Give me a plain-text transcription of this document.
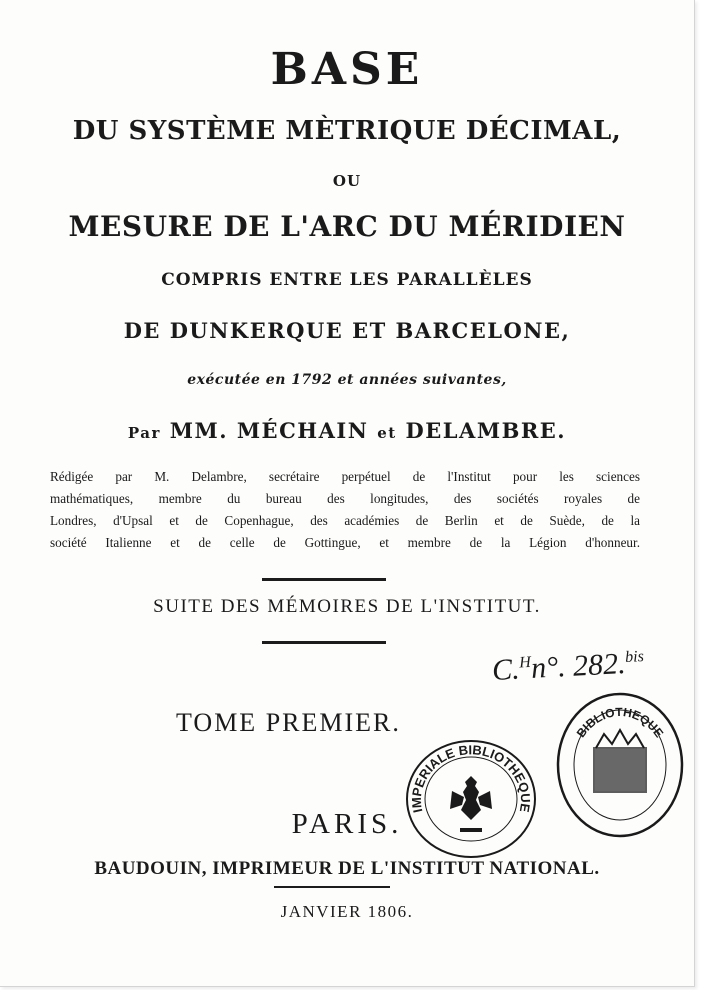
BASE
DU SYSTÈME MÈTRIQUE DÉCIMAL,
OU
MESURE DE L'ARC DU MÉRIDIEN
COMPRIS ENTRE LES PARALLÈLES
DE DUNKERQUE ET BARCELONE,
exécutée en 1792 et années suivantes,
Par MM. MÉCHAIN et DELAMBRE.
Rédigée par M. Delambre, secrétaire perpétuel de l'Institut pour les sciences
mathématiques, membre du bureau des longitudes, des sociétés royales de
Londres, d'Upsal et de Copenhague, des académies de Berlin et de Suède, de la
société Italienne et de celle de Gottingue, et membre de la Légion d'honneur.
SUITE DES MÉMOIRES DE L'INSTITUT.
C.$^H$n°. 282.$^{bis}$
TOME PREMIER.
IMPERIALE BIBLIOTHEQUE
BIBLIOTHEQUE
PARIS.
BAUDOUIN, IMPRIMEUR DE L'INSTITUT NATIONAL.
JANVIER 1806.
